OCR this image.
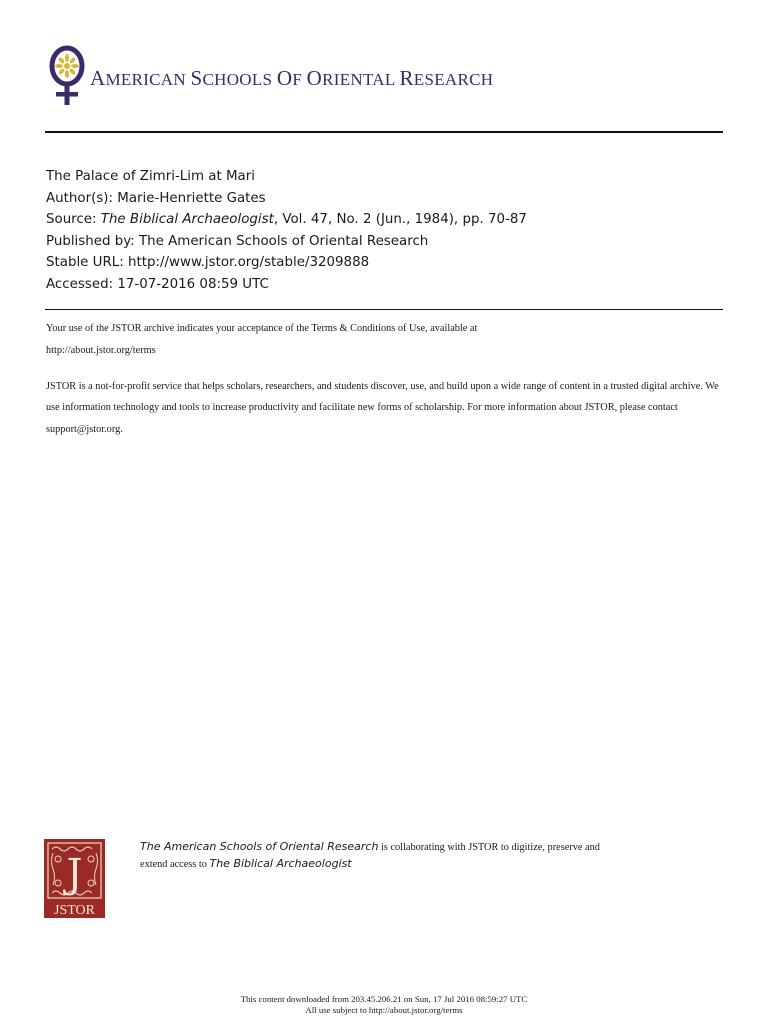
AMERICAN SCHOOLS OF ORIENTAL RESEARCH
The Palace of Zimri-Lim at Mari
Author(s): Marie-Henriette Gates
Source: The Biblical Archaeologist, Vol. 47, No. 2 (Jun., 1984), pp. 70-87
Published by: The American Schools of Oriental Research
Stable URL: http://www.jstor.org/stable/3209888
Accessed: 17-07-2016 08:59 UTC

Your use of the JSTOR archive indicates your acceptance of the Terms & Conditions of Use, available at
http://about.jstor.org/terms

JSTOR is a not-for-profit service that helps scholars, researchers, and students discover, use, and build upon a wide range of content in a trusted digital archive. We use information technology and tools to increase productivity and facilitate new forms of scholarship. For more information about JSTOR, please contact support@jstor.org.

J
JSTOR
The American Schools of Oriental Research is collaborating with JSTOR to digitize, preserve and
extend access to The Biblical Archaeologist
This content downloaded from 203.45.206.21 on Sun, 17 Jul 2016 08:59:27 UTC
All use subject to http://about.jstor.org/terms
